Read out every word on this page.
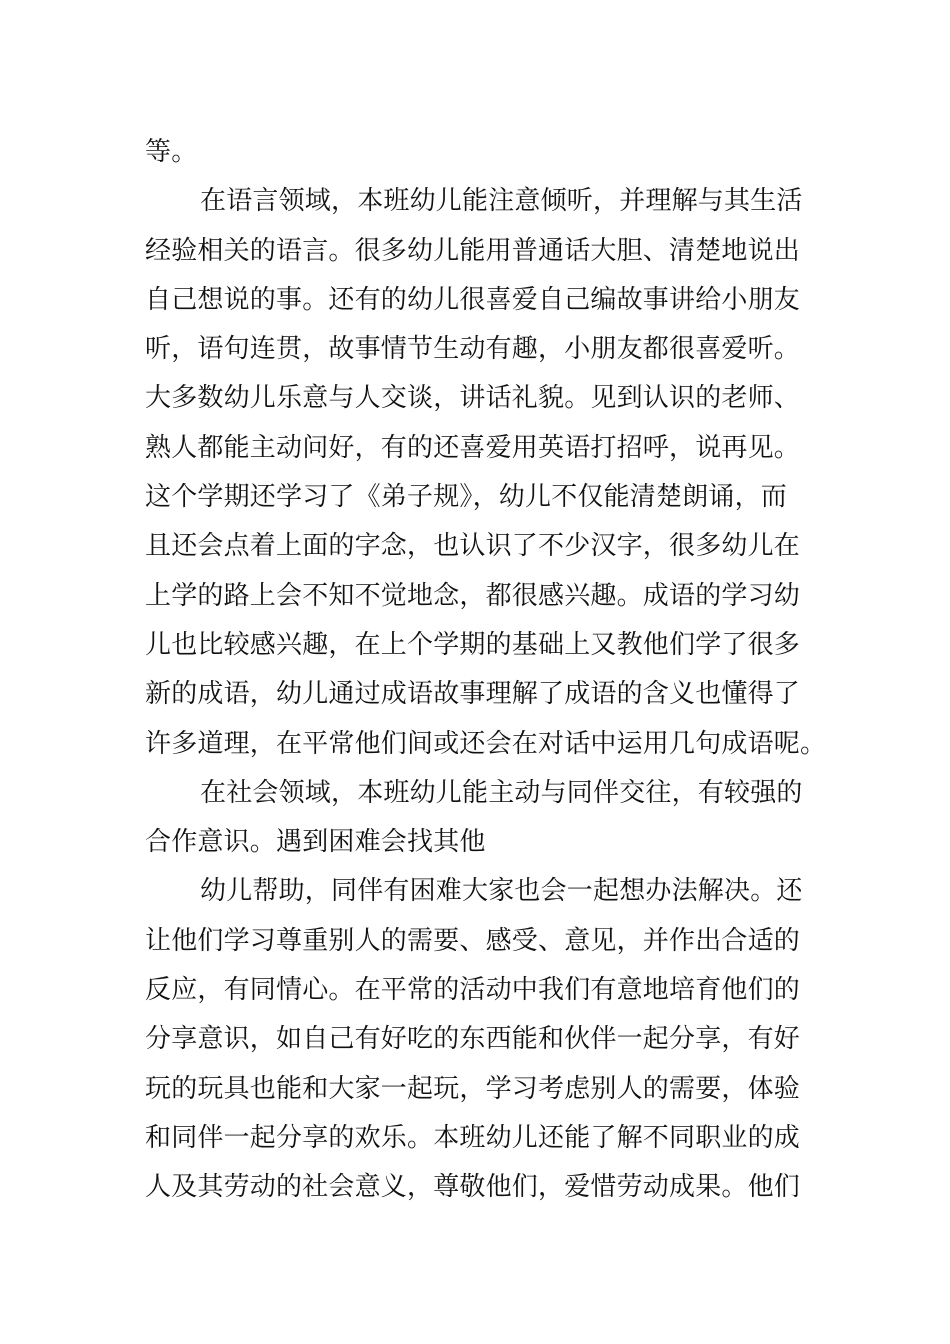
等。
在语言领域，本班幼儿能注意倾听，并理解与其生活
经验相关的语言。很多幼儿能用普通话大胆、清楚地说出
自己想说的事。还有的幼儿很喜爱自己编故事讲给小朋友
听，语句连贯，故事情节生动有趣，小朋友都很喜爱听。
大多数幼儿乐意与人交谈，讲话礼貌。见到认识的老师、
熟人都能主动问好，有的还喜爱用英语打招呼，说再见。
这个学期还学习了《弟子规》，幼儿不仅能清楚朗诵，而
且还会点着上面的字念，也认识了不少汉字，很多幼儿在
上学的路上会不知不觉地念，都很感兴趣。成语的学习幼
儿也比较感兴趣，在上个学期的基础上又教他们学了很多
新的成语，幼儿通过成语故事理解了成语的含义也懂得了
许多道理，在平常他们间或还会在对话中运用几句成语呢。
在社会领域，本班幼儿能主动与同伴交往，有较强的
合作意识。遇到困难会找其他
幼儿帮助，同伴有困难大家也会一起想办法解决。还
让他们学习尊重别人的需要、感受、意见，并作出合适的
反应，有同情心。在平常的活动中我们有意地培育他们的
分享意识，如自己有好吃的东西能和伙伴一起分享，有好
玩的玩具也能和大家一起玩，学习考虑别人的需要，体验
和同伴一起分享的欢乐。本班幼儿还能了解不同职业的成
人及其劳动的社会意义，尊敬他们，爱惜劳动成果。他们
